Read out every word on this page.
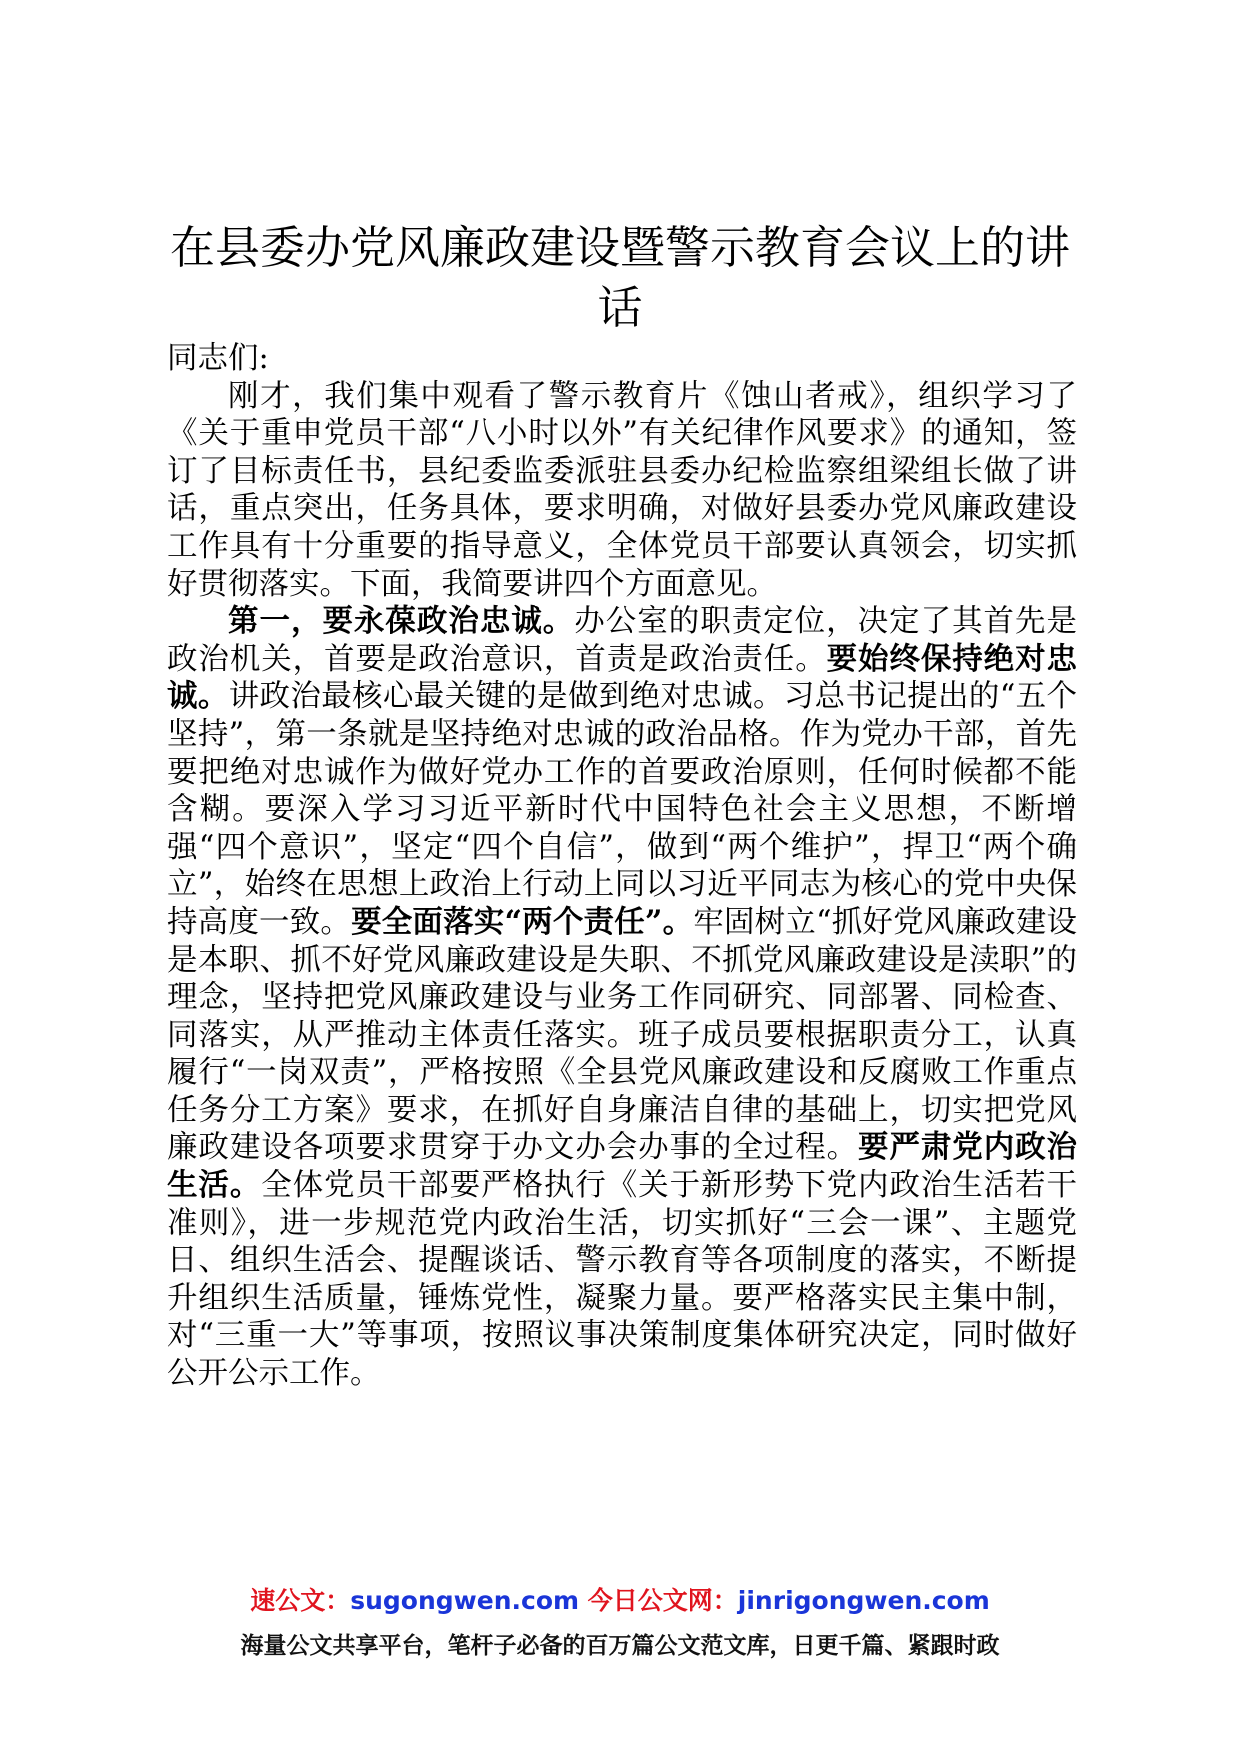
在县委办党风廉政建设暨警示教育会议上的讲话

同志们:

刚才，我们集中观看了警示教育片《蚀山者戒》，组织学习了《关于重申党员干部“八小时以外”有关纪律作风要求》的通知，签订了目标责任书，县纪委监委派驻县委办纪检监察组梁组长做了讲话，重点突出，任务具体，要求明确，对做好县委办党风廉政建设工作具有十分重要的指导意义，全体党员干部要认真领会，切实抓好贯彻落实。下面，我简要讲四个方面意见。

第一，要永葆政治忠诚。办公室的职责定位，决定了其首先是政治机关，首要是政治意识，首责是政治责任。要始终保持绝对忠诚。讲政治最核心最关键的是做到绝对忠诚。习总书记提出的“五个坚持”，第一条就是坚持绝对忠诚的政治品格。作为党办干部，首先要把绝对忠诚作为做好党办工作的首要政治原则，任何时候都不能含糊。要深入学习习近平新时代中国特色社会主义思想，不断增强“四个意识”，坚定“四个自信”，做到“两个维护”，捍卫“两个确立”，始终在思想上政治上行动上同以习近平同志为核心的党中央保持高度一致。要全面落实“两个责任”。牢固树立“抓好党风廉政建设是本职、抓不好党风廉政建设是失职、不抓党风廉政建设是渎职”的理念，坚持把党风廉政建设与业务工作同研究、同部署、同检查、同落实，从严推动主体责任落实。班子成员要根据职责分工，认真履行“一岗双责”，严格按照《全县党风廉政建设和反腐败工作重点任务分工方案》要求，在抓好自身廉洁自律的基础上，切实把党风廉政建设各项要求贯穿于办文办会办事的全过程。要严肃党内政治生活。全体党员干部要严格执行《关于新形势下党内政治生活若干准则》，进一步规范党内政治生活，切实抓好“三会一课”、主题党日、组织生活会、提醒谈话、警示教育等各项制度的落实，不断提升组织生活质量，锤炼党性，凝聚力量。要严格落实民主集中制，对“三重一大”等事项，按照议事决策制度集体研究决定，同时做好公开公示工作。

速公文：sugongwen.com 今日公文网：jinrigongwen.com
海量公文共享平台，笔杆子必备的百万篇公文范文库，日更千篇、紧跟时政
